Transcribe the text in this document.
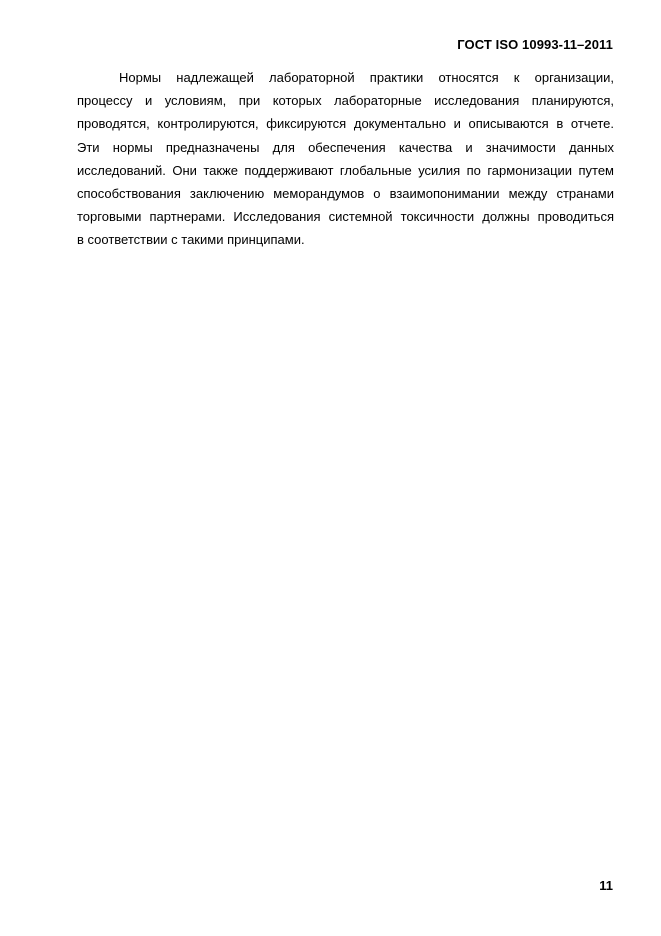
ГОСТ ISO 10993-11–2011
Нормы надлежащей лабораторной практики относятся к организации,
процессу и условиям, при которых лабораторные исследования планируются,
проводятся, контролируются, фиксируются документально и описываются в отчете.
Эти нормы предназначены для обеспечения качества и значимости данных
исследований. Они также поддерживают глобальные усилия по гармонизации путем
способствования заключению меморандумов о взаимопонимании между странами
торговыми партнерами. Исследования системной токсичности должны проводиться
в соответствии с такими принципами.
11
